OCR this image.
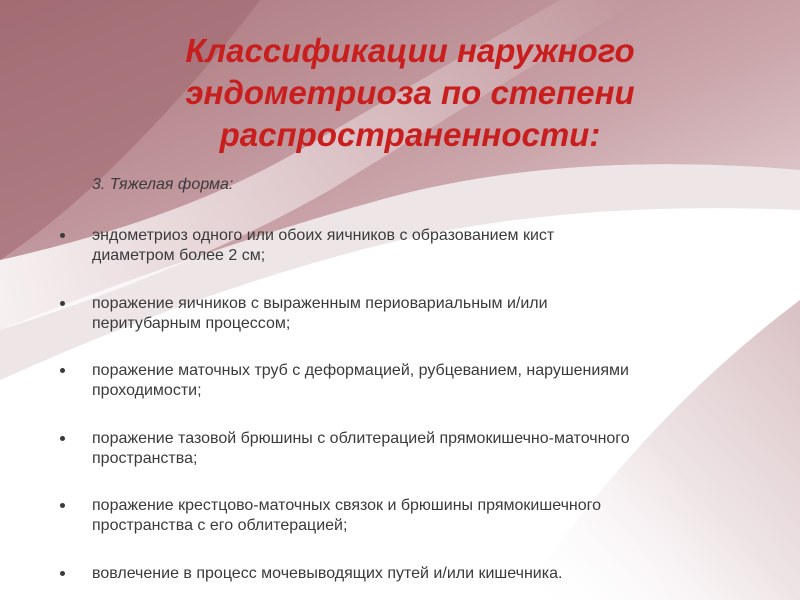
Классификации наружного
эндометриоза по степени
распространенности:
3. Тяжелая форма:
эндометриоз одного или обоих яичников с образованием кист
диаметром более 2 см;
поражение яичников с выраженным периовариальным и/или
перитубарным процессом;
поражение маточных труб с деформацией, рубцеванием, нарушениями
проходимости;
поражение тазовой брюшины с облитерацией прямокишечно-маточного
пространства;
поражение крестцово-маточных связок и брюшины прямокишечного
пространства с его облитерацией;
вовлечение в процесс мочевыводящих путей и/или кишечника.
